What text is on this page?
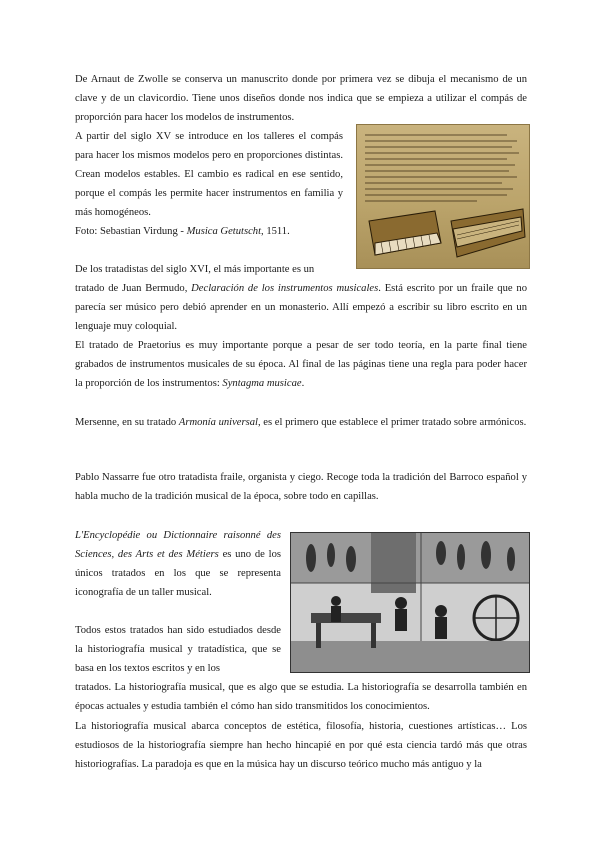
De Arnaut de Zwolle se conserva un manuscrito donde por primera vez se dibuja el mecanismo de un clave y de un clavicordio. Tiene unos diseños donde nos indica que se empieza a utilizar el compás de proporción para hacer los modelos de instrumentos.

A partir del siglo XV se introduce en los talleres el compás para hacer los mismos modelos pero en proporciones distintas. Crean modelos estables. El cambio es radical en ese sentido, porque el compás les permite hacer instrumentos en familia y más homogéneos.

Foto: Sebastian Virdung - Musica Getutscht, 1511.

De los tratadistas del siglo XVI, el más importante es un
tratado de Juan Bermudo, Declaración de los instrumentos musicales. Está escrito por un fraile que no parecía ser músico pero debió aprender en un monasterio. Allí empezó a escribir su libro escrito en un lenguaje muy coloquial.

El tratado de Praetorius es muy importante porque a pesar de ser todo teoría, en la parte final tiene grabados de instrumentos musicales de su época. Al final de las páginas tiene una regla para poder hacer la proporción de los instrumentos: Syntagma musicae.

Mersenne, en su tratado Armonía universal, es el primero que establece el primer tratado sobre armónicos.

Pablo Nassarre fue otro tratadista fraile, organista y ciego. Recoge toda la tradición del Barroco español y habla mucho de la tradición musical de la época, sobre todo en capillas.

L'Encyclopédie ou Dictionnaire raisonné des Sciences, des Arts et des Métiers es uno de los únicos tratados en los que se representa iconografía de un taller musical.

Todos estos tratados han sido estudiados desde la historiografía musical y tratadística, que se basa en los textos escritos y en los

tratados. La historiografía musical, que es algo que se estudia. La historiografía se desarrolla también en épocas actuales y estudia también el cómo han sido transmitidos los conocimientos.

La historiografía musical abarca conceptos de estética, filosofía, historia, cuestiones artísticas… Los estudiosos de la historiografía siempre han hecho hincapié en por qué esta ciencia tardó más que otras historiografías. La paradoja es que en la música hay un discurso teórico mucho más antiguo y la
